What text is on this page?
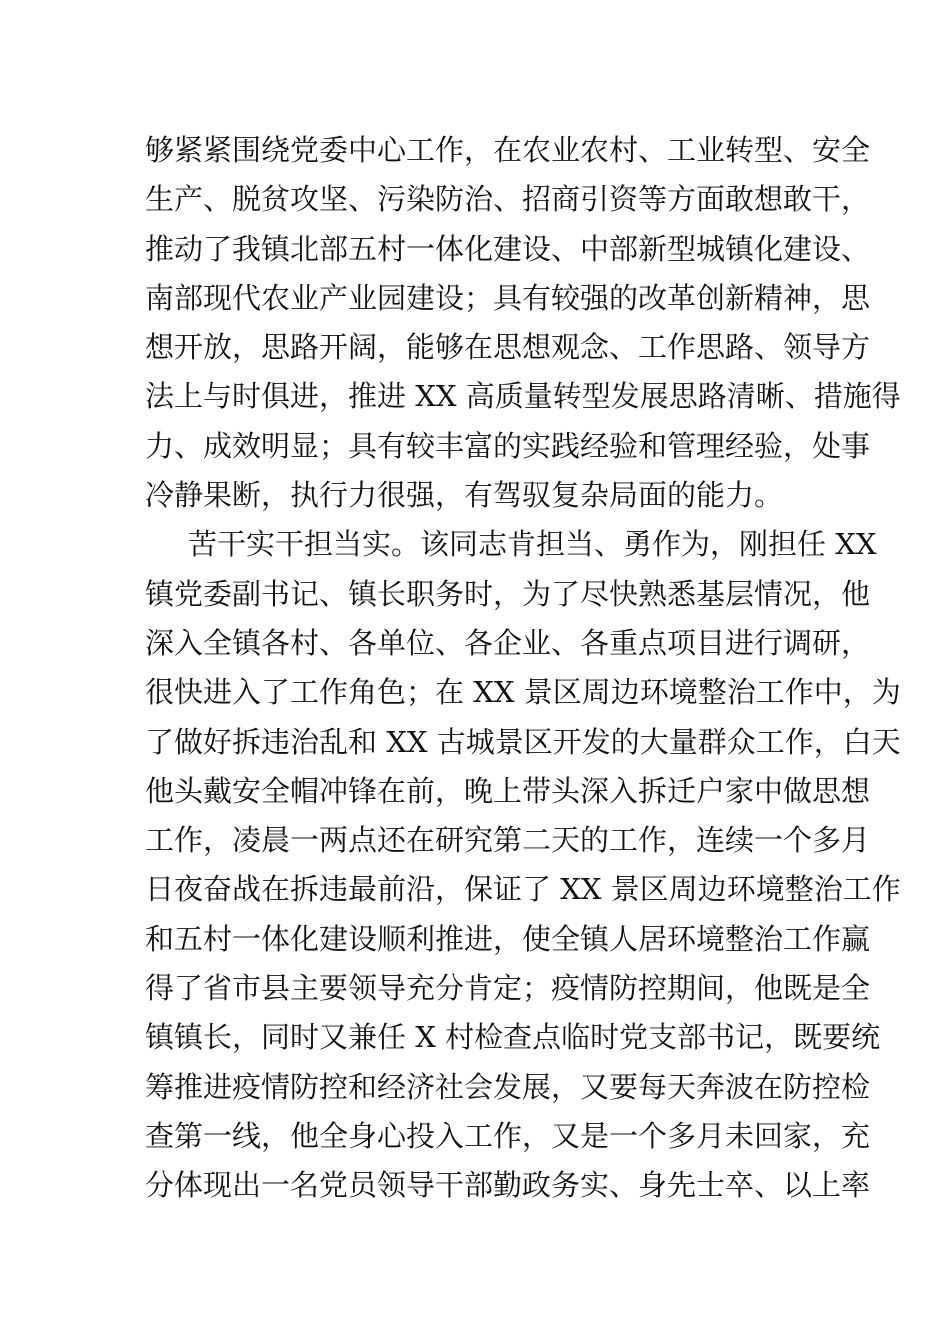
够紧紧围绕党委中心工作，在农业农村、工业转型、安全
生产、脱贫攻坚、污染防治、招商引资等方面敢想敢干，
推动了我镇北部五村一体化建设、中部新型城镇化建设、
南部现代农业产业园建设；具有较强的改革创新精神，思
想开放，思路开阔，能够在思想观念、工作思路、领导方
法上与时俱进，推进 XX 高质量转型发展思路清晰、措施得
力、成效明显；具有较丰富的实践经验和管理经验，处事
冷静果断，执行力很强，有驾驭复杂局面的能力。
苦干实干担当实。该同志肯担当、勇作为，刚担任 XX
镇党委副书记、镇长职务时，为了尽快熟悉基层情况，他
深入全镇各村、各单位、各企业、各重点项目进行调研，
很快进入了工作角色；在 XX 景区周边环境整治工作中，为
了做好拆违治乱和 XX 古城景区开发的大量群众工作，白天
他头戴安全帽冲锋在前，晚上带头深入拆迁户家中做思想
工作，凌晨一两点还在研究第二天的工作，连续一个多月
日夜奋战在拆违最前沿，保证了 XX 景区周边环境整治工作
和五村一体化建设顺利推进，使全镇人居环境整治工作赢
得了省市县主要领导充分肯定；疫情防控期间，他既是全
镇镇长，同时又兼任 X 村检查点临时党支部书记，既要统
筹推进疫情防控和经济社会发展，又要每天奔波在防控检
查第一线，他全身心投入工作，又是一个多月未回家，充
分体现出一名党员领导干部勤政务实、身先士卒、以上率
